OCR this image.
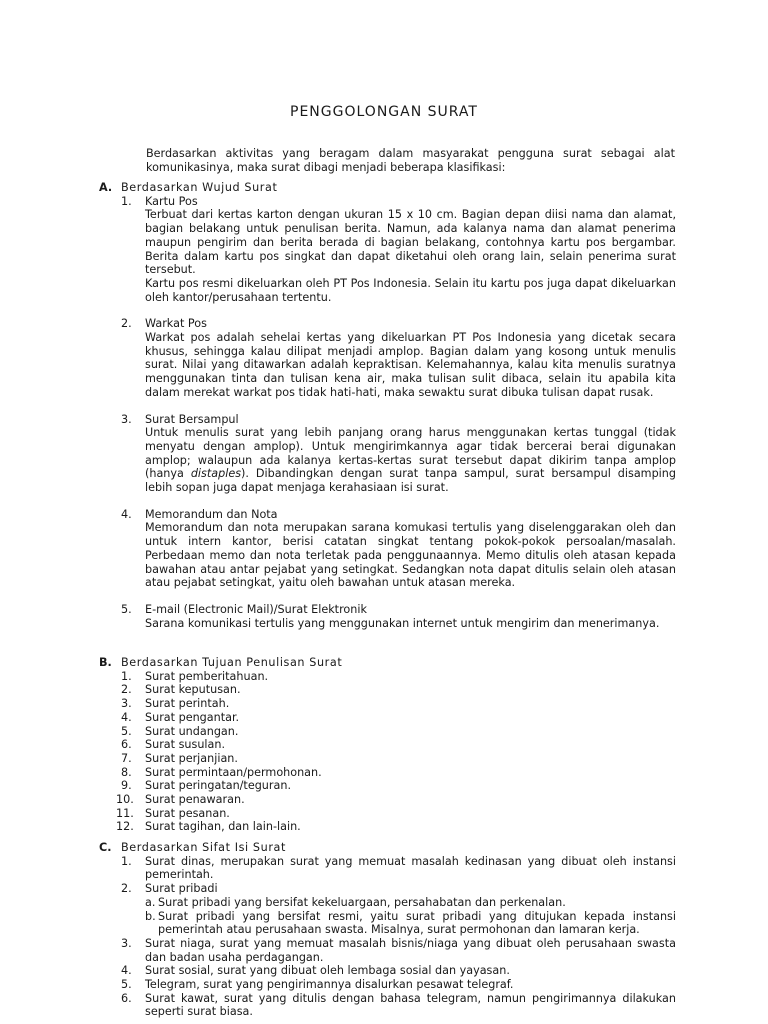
PENGGOLONGAN SURAT
Berdasarkan aktivitas yang beragam dalam masyarakat pengguna surat sebagai alat komunikasinya, maka surat dibagi menjadi beberapa klasifikasi:
A. Berdasarkan Wujud Surat
1. Kartu Pos
Terbuat dari kertas karton dengan ukuran 15 x 10 cm. Bagian depan diisi nama dan alamat, bagian belakang untuk penulisan berita. Namun, ada kalanya nama dan alamat penerima maupun pengirim dan berita berada di bagian belakang, contohnya kartu pos bergambar. Berita dalam kartu pos singkat dan dapat diketahui oleh orang lain, selain penerima surat tersebut.
Kartu pos resmi dikeluarkan oleh PT Pos Indonesia. Selain itu kartu pos juga dapat dikeluarkan oleh kantor/perusahaan tertentu.
2. Warkat Pos
Warkat pos adalah sehelai kertas yang dikeluarkan PT Pos Indonesia yang dicetak secara khusus, sehingga kalau dilipat menjadi amplop. Bagian dalam yang kosong untuk menulis surat. Nilai yang ditawarkan adalah kepraktisan. Kelemahannya, kalau kita menulis suratnya menggunakan tinta dan tulisan kena air, maka tulisan sulit dibaca, selain itu apabila kita dalam merekat warkat pos tidak hati-hati, maka sewaktu surat dibuka tulisan dapat rusak.
3. Surat Bersampul
Untuk menulis surat yang lebih panjang orang harus menggunakan kertas tunggal (tidak menyatu dengan amplop). Untuk mengirimkannya agar tidak bercerai berai digunakan amplop; walaupun ada kalanya kertas-kertas surat tersebut dapat dikirim tanpa amplop (hanya distaples). Dibandingkan dengan surat tanpa sampul, surat bersampul disamping lebih sopan juga dapat menjaga kerahasiaan isi surat.
4. Memorandum dan Nota
Memorandum dan nota merupakan sarana komukasi tertulis yang diselenggarakan oleh dan untuk intern kantor, berisi catatan singkat tentang pokok-pokok persoalan/masalah. Perbedaan memo dan nota terletak pada penggunaannya. Memo ditulis oleh atasan kepada bawahan atau antar pejabat yang setingkat. Sedangkan nota dapat ditulis selain oleh atasan atau pejabat setingkat, yaitu oleh bawahan untuk atasan mereka.
5. E-mail (Electronic Mail)/Surat Elektronik
Sarana komunikasi tertulis yang menggunakan internet untuk mengirim dan menerimanya.
B. Berdasarkan Tujuan Penulisan Surat
1. Surat pemberitahuan.
2. Surat keputusan.
3. Surat perintah.
4. Surat pengantar.
5. Surat undangan.
6. Surat susulan.
7. Surat perjanjian.
8. Surat permintaan/permohonan.
9. Surat peringatan/teguran.
10. Surat penawaran.
11. Surat pesanan.
12. Surat tagihan, dan lain-lain.
C. Berdasarkan Sifat Isi Surat
1. Surat dinas, merupakan surat yang memuat masalah kedinasan yang dibuat oleh instansi pemerintah.
2. Surat pribadi
a. Surat pribadi yang bersifat kekeluargaan, persahabatan dan perkenalan.
b. Surat pribadi yang bersifat resmi, yaitu surat pribadi yang ditujukan kepada instansi pemerintah atau perusahaan swasta. Misalnya, surat permohonan dan lamaran kerja.
3. Surat niaga, surat yang memuat masalah bisnis/niaga yang dibuat oleh perusahaan swasta dan badan usaha perdagangan.
4. Surat sosial, surat yang dibuat oleh lembaga sosial dan yayasan.
5. Telegram, surat yang pengirimannya disalurkan pesawat telegraf.
6. Surat kawat, surat yang ditulis dengan bahasa telegram, namun pengirimannya dilakukan seperti surat biasa.
